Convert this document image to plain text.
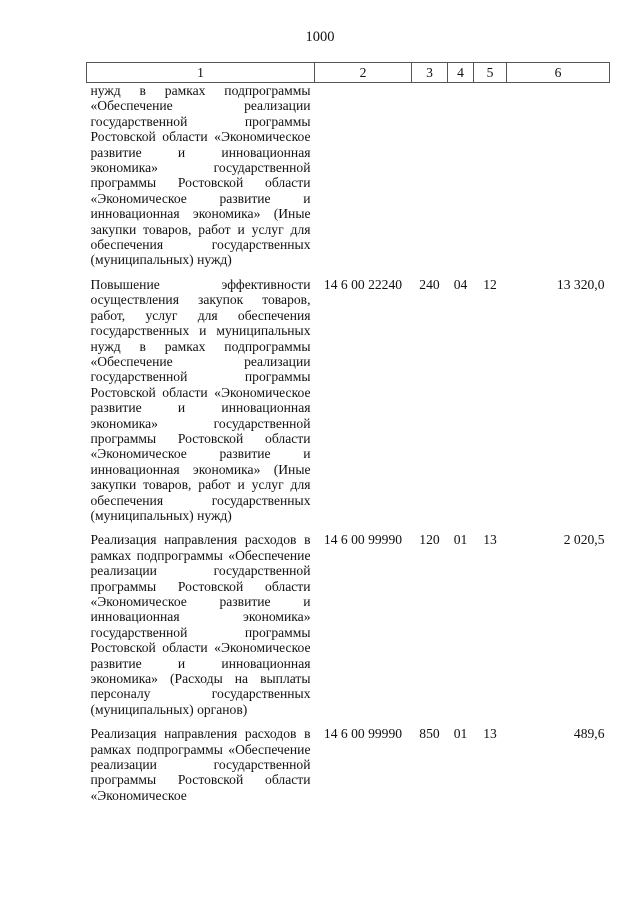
1000
1	2	3	4	5	6
нужд в рамках подпрограммы «Обеспечение реализации государственной программы Ростовской области «Экономическое развитие и инновационная экономика» государственной программы Ростовской области «Экономическое развитие и инновационная экономика» (Иные закупки товаров, работ и услуг для обеспечения государственных (муниципальных) нужд)					
Повышение эффективности осуществления закупок товаров, работ, услуг для обеспечения государственных и муниципальных нужд в рамках подпрограммы «Обеспечение реализации государственной программы Ростовской области «Экономическое развитие и инновационная экономика» государственной программы Ростовской области «Экономическое развитие и инновационная экономика» (Иные закупки товаров, работ и услуг для обеспечения государственных (муниципальных) нужд)	14 6 00 22240	240	04	12	13 320,0
Реализация направления расходов в рамках подпрограммы «Обеспечение реализации государственной программы Ростовской области «Экономическое развитие и инновационная экономика» государственной программы Ростовской области «Экономическое развитие и инновационная экономика» (Расходы на выплаты персоналу государственных (муниципальных) органов)	14 6 00 99990	120	01	13	2 020,5
Реализация направления расходов в рамках подпрограммы «Обеспечение реализации государственной программы Ростовской области «Экономическое	14 6 00 99990	850	01	13	489,6
